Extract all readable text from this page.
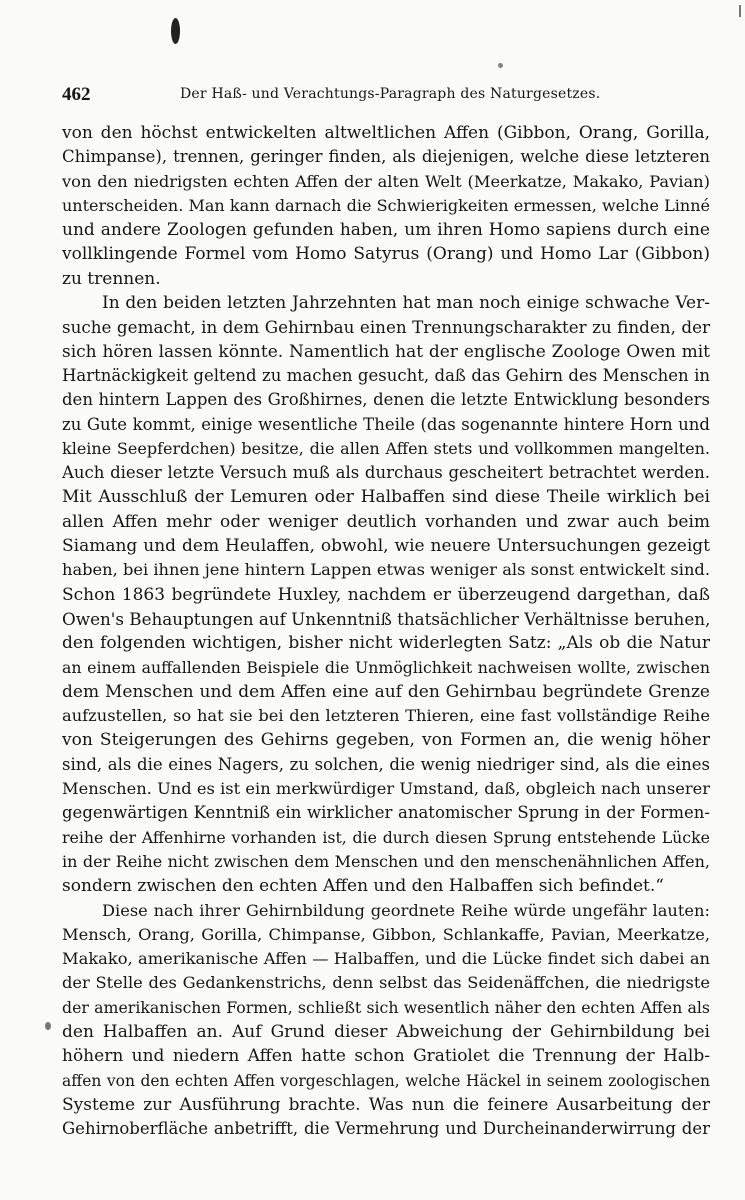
462	Der Haß- und Verachtungs-Paragraph des Naturgesetzes.
von den höchst entwickelten altweltlichen Affen (Gibbon, Orang, Gorilla,
Chimpanse), trennen, geringer finden, als diejenigen, welche diese letzteren
von den niedrigsten echten Affen der alten Welt (Meerkatze, Makako, Pavian)
unterscheiden. Man kann darnach die Schwierigkeiten ermessen, welche Linné
und andere Zoologen gefunden haben, um ihren Homo sapiens durch eine
vollklingende Formel vom Homo Satyrus (Orang) und Homo Lar (Gibbon)
zu trennen.
In den beiden letzten Jahrzehnten hat man noch einige schwache Ver-
suche gemacht, in dem Gehirnbau einen Trennungscharakter zu finden, der
sich hören lassen könnte. Namentlich hat der englische Zoologe Owen mit
Hartnäckigkeit geltend zu machen gesucht, daß das Gehirn des Menschen in
den hintern Lappen des Großhirnes, denen die letzte Entwicklung besonders
zu Gute kommt, einige wesentliche Theile (das sogenannte hintere Horn und
kleine Seepferdchen) besitze, die allen Affen stets und vollkommen mangelten.
Auch dieser letzte Versuch muß als durchaus gescheitert betrachtet werden.
Mit Ausschluß der Lemuren oder Halbaffen sind diese Theile wirklich bei
allen Affen mehr oder weniger deutlich vorhanden und zwar auch beim
Siamang und dem Heulaffen, obwohl, wie neuere Untersuchungen gezeigt
haben, bei ihnen jene hintern Lappen etwas weniger als sonst entwickelt sind.
Schon 1863 begründete Huxley, nachdem er überzeugend dargethan, daß
Owen's Behauptungen auf Unkenntniß thatsächlicher Verhältnisse beruhen,
den folgenden wichtigen, bisher nicht widerlegten Satz: „Als ob die Natur
an einem auffallenden Beispiele die Unmöglichkeit nachweisen wollte, zwischen
dem Menschen und dem Affen eine auf den Gehirnbau begründete Grenze
aufzustellen, so hat sie bei den letzteren Thieren, eine fast vollständige Reihe
von Steigerungen des Gehirns gegeben, von Formen an, die wenig höher
sind, als die eines Nagers, zu solchen, die wenig niedriger sind, als die eines
Menschen. Und es ist ein merkwürdiger Umstand, daß, obgleich nach unserer
gegenwärtigen Kenntniß ein wirklicher anatomischer Sprung in der Formen-
reihe der Affenhirne vorhanden ist, die durch diesen Sprung entstehende Lücke
in der Reihe nicht zwischen dem Menschen und den menschenähnlichen Affen,
sondern zwischen den echten Affen und den Halbaffen sich befindet.“
Diese nach ihrer Gehirnbildung geordnete Reihe würde ungefähr lauten:
Mensch, Orang, Gorilla, Chimpanse, Gibbon, Schlankaffe, Pavian, Meerkatze,
Makako, amerikanische Affen — Halbaffen, und die Lücke findet sich dabei an
der Stelle des Gedankenstrichs, denn selbst das Seidenäffchen, die niedrigste
der amerikanischen Formen, schließt sich wesentlich näher den echten Affen als
den Halbaffen an. Auf Grund dieser Abweichung der Gehirnbildung bei
höhern und niedern Affen hatte schon Gratiolet die Trennung der Halb-
affen von den echten Affen vorgeschlagen, welche Häckel in seinem zoologischen
Systeme zur Ausführung brachte. Was nun die feinere Ausarbeitung der
Gehirnoberfläche anbetrifft, die Vermehrung und Durcheinanderwirrung der
